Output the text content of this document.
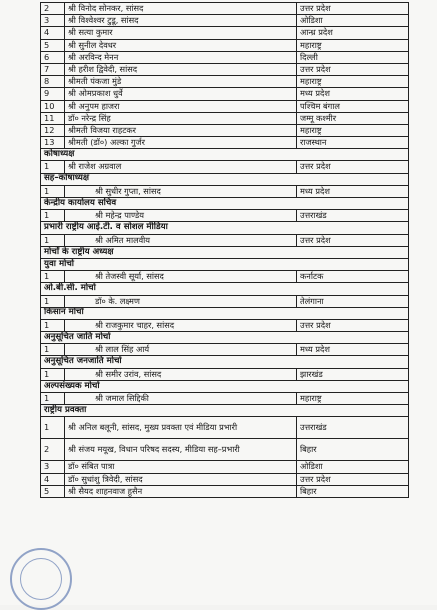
2	श्री विनोद सोनकर, सांसद	उत्तर प्रदेश
3	श्री विश्वेश्वर टुडू, सांसद	ओडिशा
4	श्री सत्या कुमार	आन्ध्र प्रदेश
5	श्री सुनील देवधर	महाराष्ट्र
6	श्री अरविन्द मेनन	दिल्ली
7	श्री हरीश द्विवेदी, सांसद	उत्तर प्रदेश
8	श्रीमती पंकजा मुंडे	महाराष्ट्र
9	श्री ओमप्रकाश धुर्वे	मध्य प्रदेश
10	श्री अनुपम हाजरा	पश्चिम बंगाल
11	डॉ० नरेन्द्र सिंह	जम्मू कश्मीर
12	श्रीमती विजया राहटकर	महाराष्ट्र
13	श्रीमती (डॉ०) अल्का गुर्जर	राजस्थान
कोषाध्यक्ष		
1	श्री राजेश अग्रवाल	उत्तर प्रदेश
सह–कोषाध्यक्ष		
1	श्री सुधीर गुप्ता, सांसद	मध्य प्रदेश
केन्द्रीय कार्यालय सचिव		
1	श्री महेन्द्र पाण्डेय	उत्तराखंड
प्रभारी राष्ट्रीय आई.टी. व सोशल मीडिया		
1	श्री अमित मालवीय	उत्तर प्रदेश
मोर्चों के राष्ट्रीय अध्यक्ष		
युवा मोर्चा		
1	श्री तेजस्वी सूर्या, सांसद	कर्नाटक
ओ.बी.सी. मोर्चा		
1	डॉ० के. लक्ष्मण	तेलंगाना
किसान मोर्चा		
1	श्री राजकुमार चाहर, सांसद	उत्तर प्रदेश
अनुसूचित जाति मोर्चा		
1	श्री लाल सिंह आर्य	मध्य प्रदेश
अनुसूचित जनजाति मोर्चा		
1	श्री समीर उरांव, सांसद	झारखंड
अल्पसंख्यक मोर्चा		
1	श्री जमाल सिद्दिकी	महाराष्ट्र
राष्ट्रीय प्रवक्ता		
1	श्री अनिल बलूनी, सांसद, मुख्य प्रवक्ता एवं मीडिया प्रभारी	उत्तराखंड
2	श्री संजय मयूख, विधान परिषद सदस्य, मीडिया सह–प्रभारी	बिहार
3	डॉ० संबित पात्रा	ओडिशा
4	डॉ० सुधांशु त्रिवेदी, सांसद	उत्तर प्रदेश
5	श्री सैयद शाहनवाज हुसैन	बिहार
